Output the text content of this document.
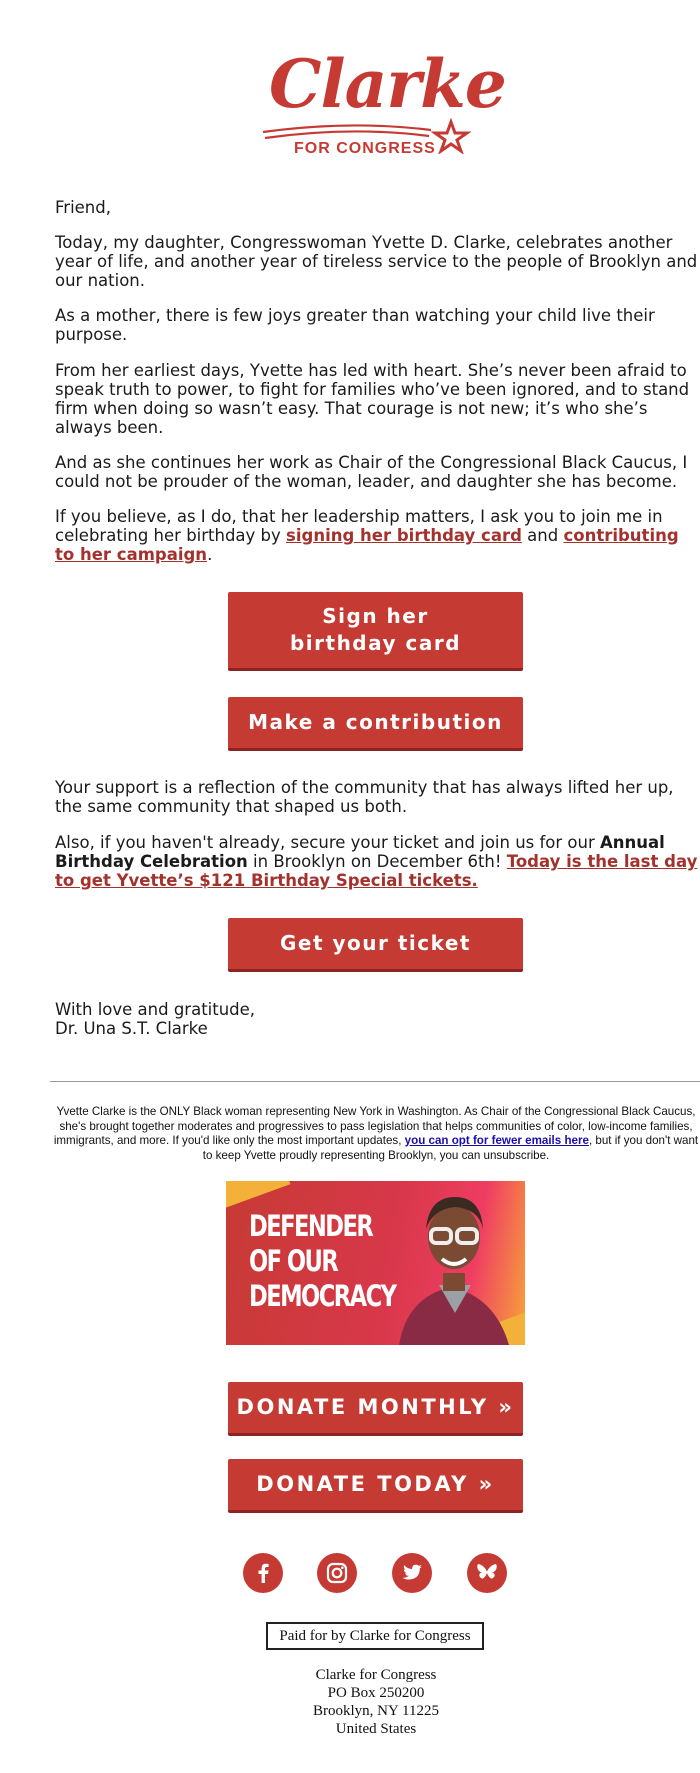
Clarke
FOR CONGRESS

Friend,

Today, my daughter, Congresswoman Yvette D. Clarke, celebrates another year of life, and another year of tireless service to the people of Brooklyn and our nation.

As a mother, there is few joys greater than watching your child live their purpose.

From her earliest days, Yvette has led with heart. She’s never been afraid to speak truth to power, to fight for families who’ve been ignored, and to stand firm when doing so wasn’t easy. That courage is not new; it’s who she’s always been.

And as she continues her work as Chair of the Congressional Black Caucus, I could not be prouder of the woman, leader, and daughter she has become.

If you believe, as I do, that her leadership matters, I ask you to join me in celebrating her birthday by signing her birthday card and contributing to her campaign.

Sign her birthday card
Make a contribution

Your support is a reflection of the community that has always lifted her up, the same community that shaped us both.

Also, if you haven't already, secure your ticket and join us for our Annual Birthday Celebration in Brooklyn on December 6th! Today is the last day to get Yvette’s $121 Birthday Special tickets.

Get your ticket

With love and gratitude,

Dr. Una S.T. Clarke

Yvette Clarke is the ONLY Black woman representing New York in Washington. As Chair of the Congressional Black Caucus, she's brought together moderates and progressives to pass legislation that helps communities of color, low-income families, immigrants, and more. If you'd like only the most important updates, you can opt for fewer emails here, but if you don't want to keep Yvette proudly representing Brooklyn, you can unsubscribe.
DEFENDER OF OUR DEMOCRACY
DONATE MONTHLY »
DONATE TODAY »
Paid for by Clarke for Congress
Clarke for Congress
PO Box 250200
Brooklyn, NY 11225
United States
